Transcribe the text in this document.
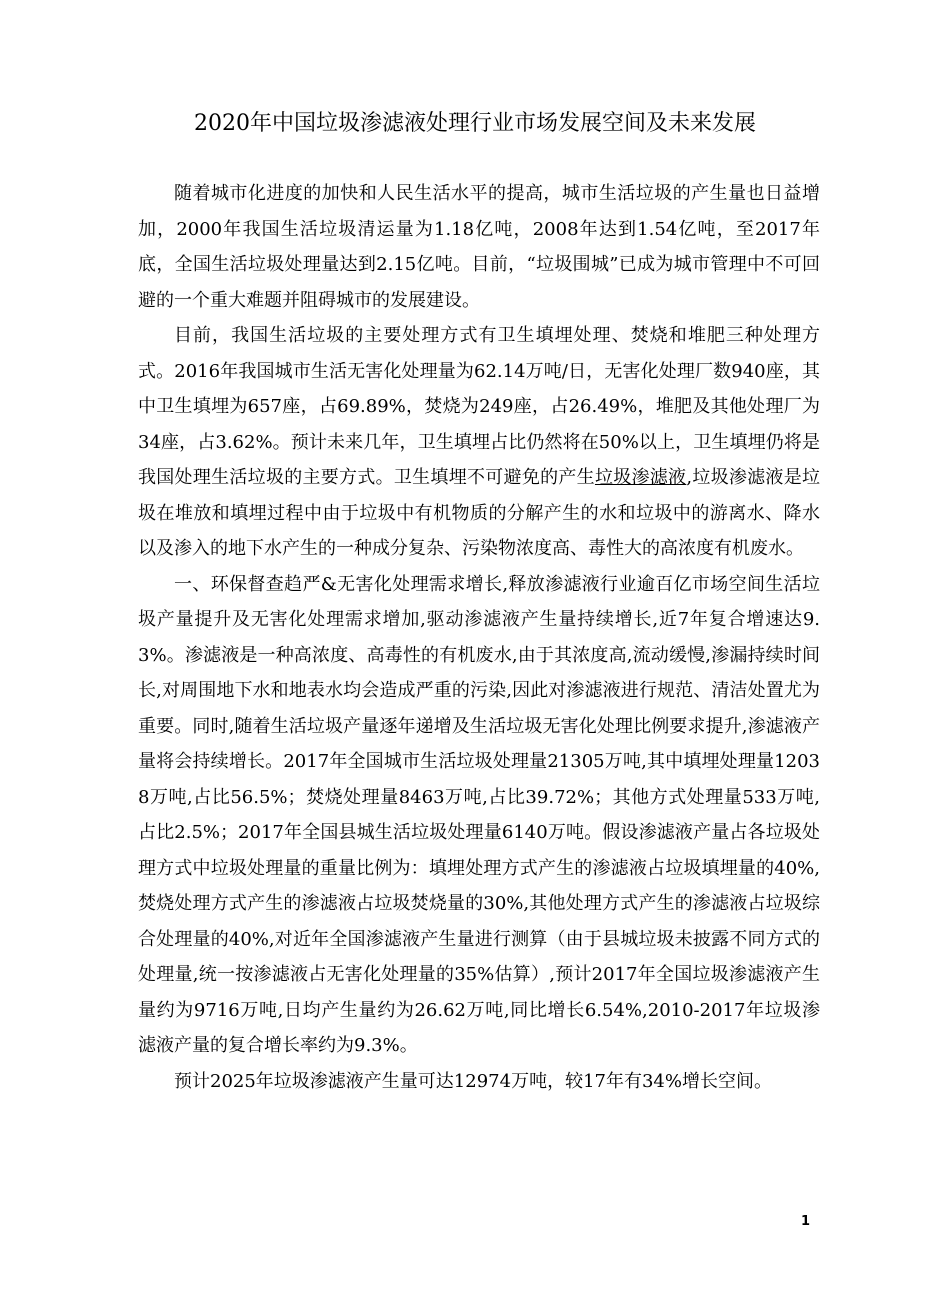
2020年中国垃圾渗滤液处理行业市场发展空间及未来发展

随着城市化进度的加快和人民生活水平的提高，城市生活垃圾的产生量也日益增加，2000年我国生活垃圾清运量为1.18亿吨，2008年达到1.54亿吨，至2017年底，全国生活垃圾处理量达到2.15亿吨。目前，“垃圾围城”已成为城市管理中不可回避的一个重大难题并阻碍城市的发展建设。

目前，我国生活垃圾的主要处理方式有卫生填埋处理、焚烧和堆肥三种处理方式。2016年我国城市生活无害化处理量为62.14万吨/日，无害化处理厂数940座，其中卫生填埋为657座，占69.89%，焚烧为249座，占26.49%，堆肥及其他处理厂为34座，占3.62%。预计未来几年，卫生填埋占比仍然将在50%以上，卫生填埋仍将是我国处理生活垃圾的主要方式。卫生填埋不可避免的产生垃圾渗滤液,垃圾渗滤液是垃圾在堆放和填埋过程中由于垃圾中有机物质的分解产生的水和垃圾中的游离水、降水以及渗入的地下水产生的一种成分复杂、污染物浓度高、毒性大的高浓度有机废水。

一、环保督查趋严&无害化处理需求增长,释放渗滤液行业逾百亿市场空间生活垃圾产量提升及无害化处理需求增加,驱动渗滤液产生量持续增长,近7年复合增速达9.3%。渗滤液是一种高浓度、高毒性的有机废水,由于其浓度高,流动缓慢,渗漏持续时间长,对周围地下水和地表水均会造成严重的污染,因此对渗滤液进行规范、清洁处置尤为重要。同时,随着生活垃圾产量逐年递增及生活垃圾无害化处理比例要求提升,渗滤液产量将会持续增长。2017年全国城市生活垃圾处理量21305万吨,其中填埋处理量12038万吨,占比56.5%；焚烧处理量8463万吨,占比39.72%；其他方式处理量533万吨,占比2.5%；2017年全国县城生活垃圾处理量6140万吨。假设渗滤液产量占各垃圾处理方式中垃圾处理量的重量比例为：填埋处理方式产生的渗滤液占垃圾填埋量的40%,焚烧处理方式产生的渗滤液占垃圾焚烧量的30%,其他处理方式产生的渗滤液占垃圾综合处理量的40%,对近年全国渗滤液产生量进行测算（由于县城垃圾未披露不同方式的处理量,统一按渗滤液占无害化处理量的35%估算）,预计2017年全国垃圾渗滤液产生量约为9716万吨,日均产生量约为26.62万吨,同比增长6.54%,2010-2017年垃圾渗滤液产量的复合增长率约为9.3%。

预计2025年垃圾渗滤液产生量可达12974万吨，较17年有34%增长空间。

1
